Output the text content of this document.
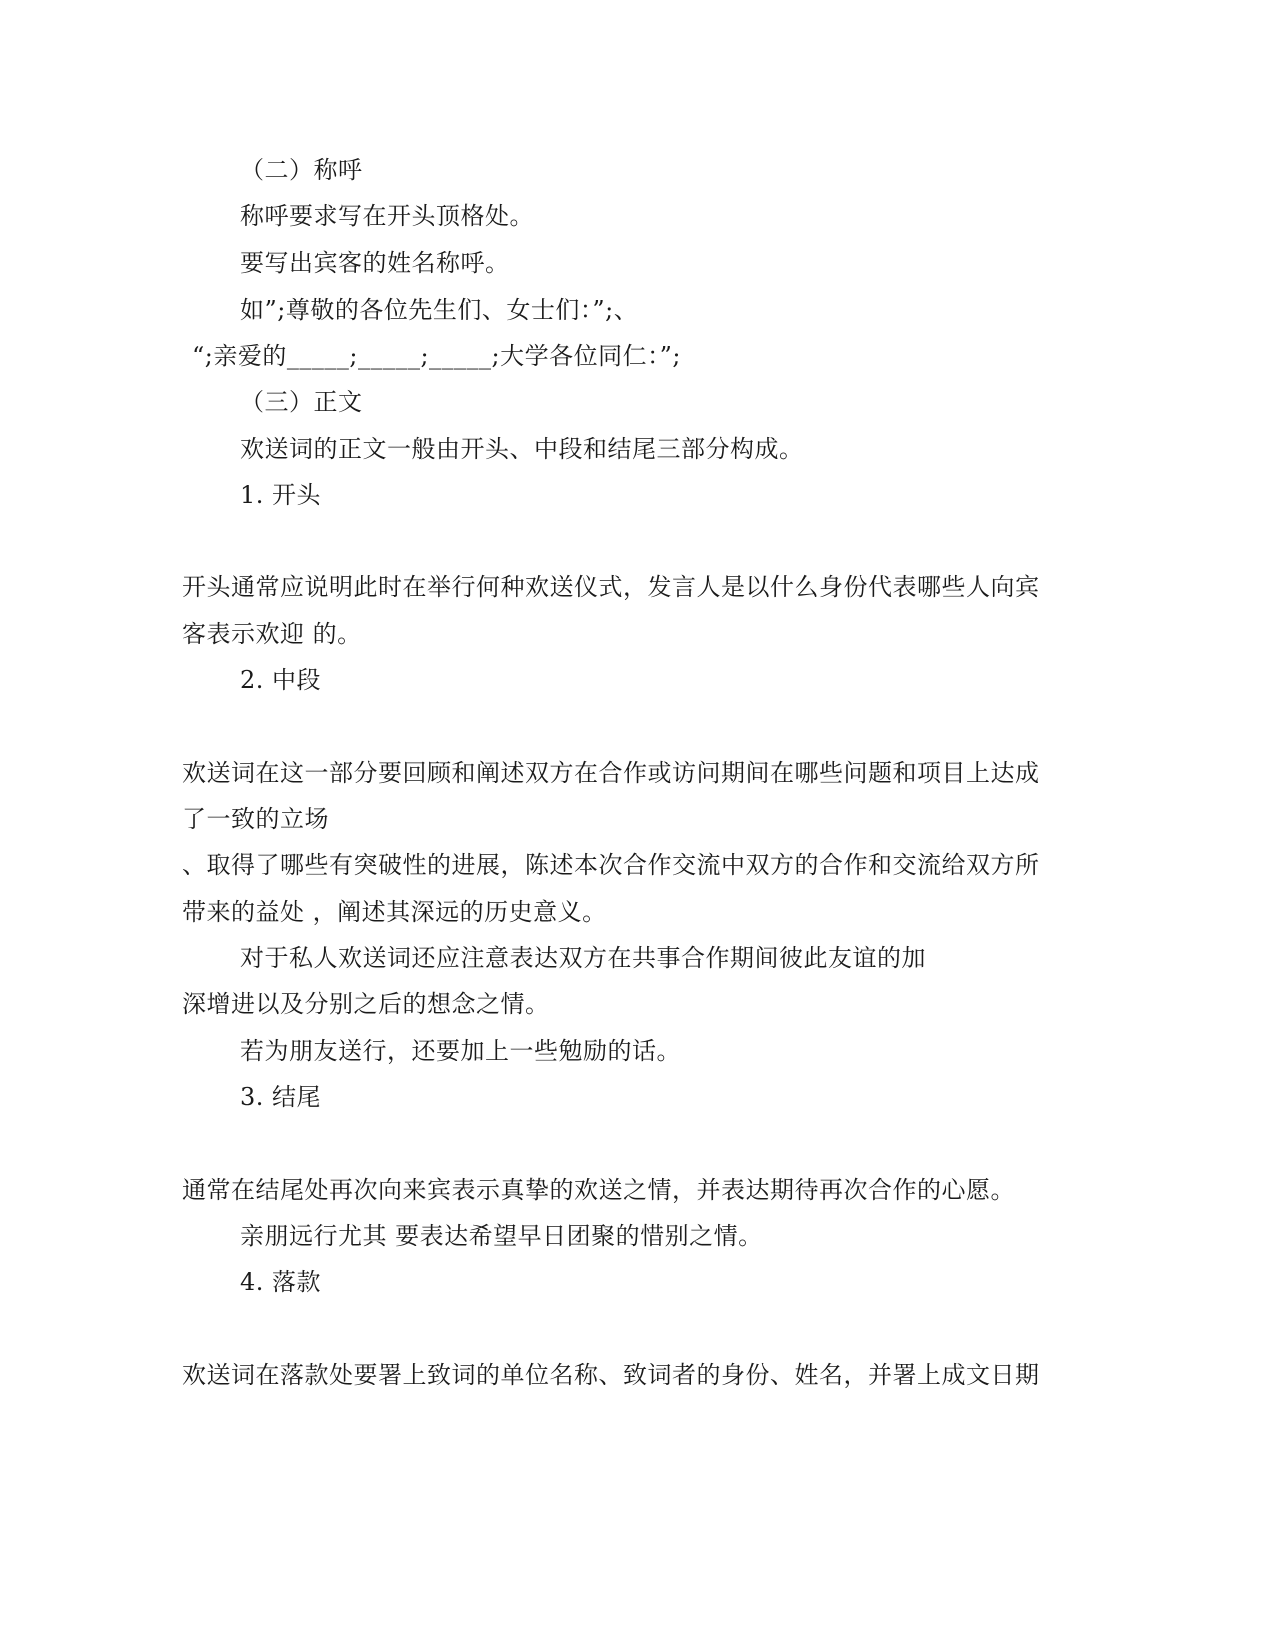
（二）称呼
称呼要求写在开头顶格处。
要写出宾客的姓名称呼。
如”;尊敬的各位先生们、女士们：”;、
“;亲爱的_____;_____;_____;大学各位同仁：”;
（三）正文
欢送词的正文一般由开头、中段和结尾三部分构成。
1. 开头
开头通常应说明此时在举行何种欢送仪式，发言人是以什么身份代表哪些人向宾
客表示欢迎 的。
2. 中段
欢送词在这一部分要回顾和阐述双方在合作或访问期间在哪些问题和项目上达成
了一致的立场
、取得了哪些有突破性的进展，陈述本次合作交流中双方的合作和交流给双方所
带来的益处 ，阐述其深远的历史意义。
对于私人欢送词还应注意表达双方在共事合作期间彼此友谊的加
深增进以及分别之后的想念之情。
若为朋友送行，还要加上一些勉励的话。
3. 结尾
通常在结尾处再次向来宾表示真挚的欢送之情，并表达期待再次合作的心愿。
亲朋远行尤其 要表达希望早日团聚的惜别之情。
4. 落款
欢送词在落款处要署上致词的单位名称、致词者的身份、姓名，并署上成文日期
